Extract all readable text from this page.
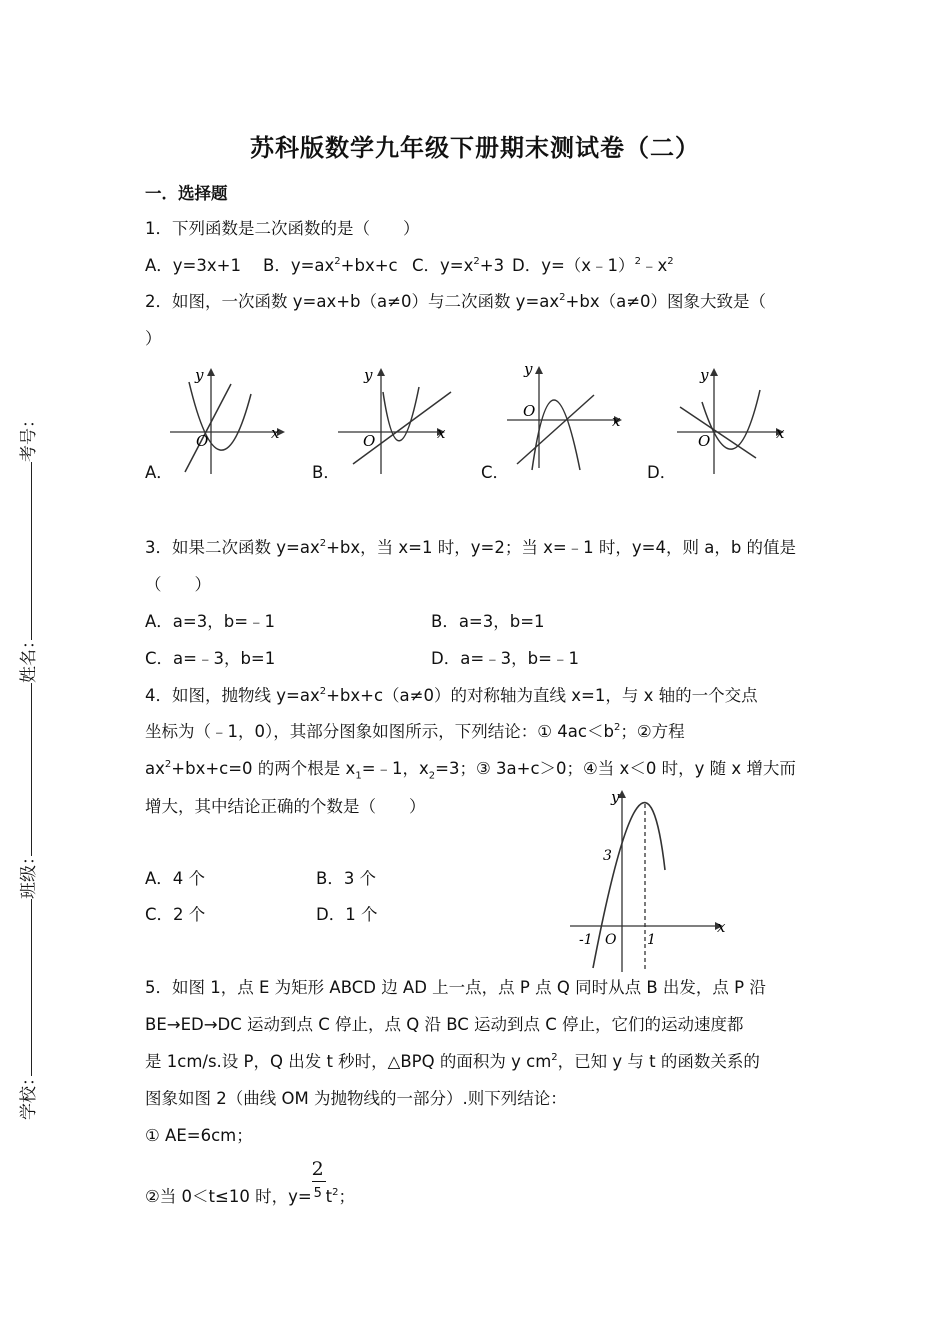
苏科版数学九年级下册期末测试卷（二）
一．选择题
1．下列函数是二次函数的是（　　）
A．y=3x+1 B．$y=ax^2+bx+c$ C．$y=x^2+3$ D．$y=(x﹣1)^2﹣x^2$
2．如图，一次函数 y=ax+b（a≠0）与二次函数 $y=ax^2+bx(a\ne 0)$图象大致是（
）
y
x
O
A．
y
x
O
B．
y
x
O
C．
y
x
O
D．
3．如果二次函数 $y=ax^2+bx$，当 x=1 时，y=2；当 x=﹣1 时，y=4，则 a，b 的值是
（　　）
A．a=3，b=﹣1	B．a=3，b=1
C．a=﹣3，b=1	D．a=﹣3，b=﹣1
4．如图，抛物线 $y=ax^2+bx+c(a\ne 0)$的对称轴为直线 x=1，与 x 轴的一个交点
坐标为（﹣1，0），其部分图象如图所示，下列结论：① $4ac<b^2$；②方程
$ax^2+bx+c=0$ 的两个根是 $x_1=﹣1$，$x_2=3$；③ 3a+c＞0；④当 x＜0 时，y 随 x 增大而
增大，其中结论正确的个数是（　　）
A．4 个	B．3 个
C．2 个	D．1 个
y
x
3
-1 O 1
5．如图 1，点 E 为矩形 ABCD 边 AD 上一点，点 P 点 Q 同时从点 B 出发，点 P 沿
BE→ED→DC 运动到点 C 停止，点 Q 沿 BC 运动到点 C 停止，它们的运动速度都
是 1cm/s.设 P，Q 出发 t 秒时，△BPQ 的面积为 y $cm^2$，已知 y 与 t 的函数关系的
图象如图 2（曲线 OM 为抛物线的一部分）.则下列结论：
① AE=6cm；
②当 0＜t≤10 时，y=
2
5 $t^2$；
考号：
姓名：
班级：
学校：
